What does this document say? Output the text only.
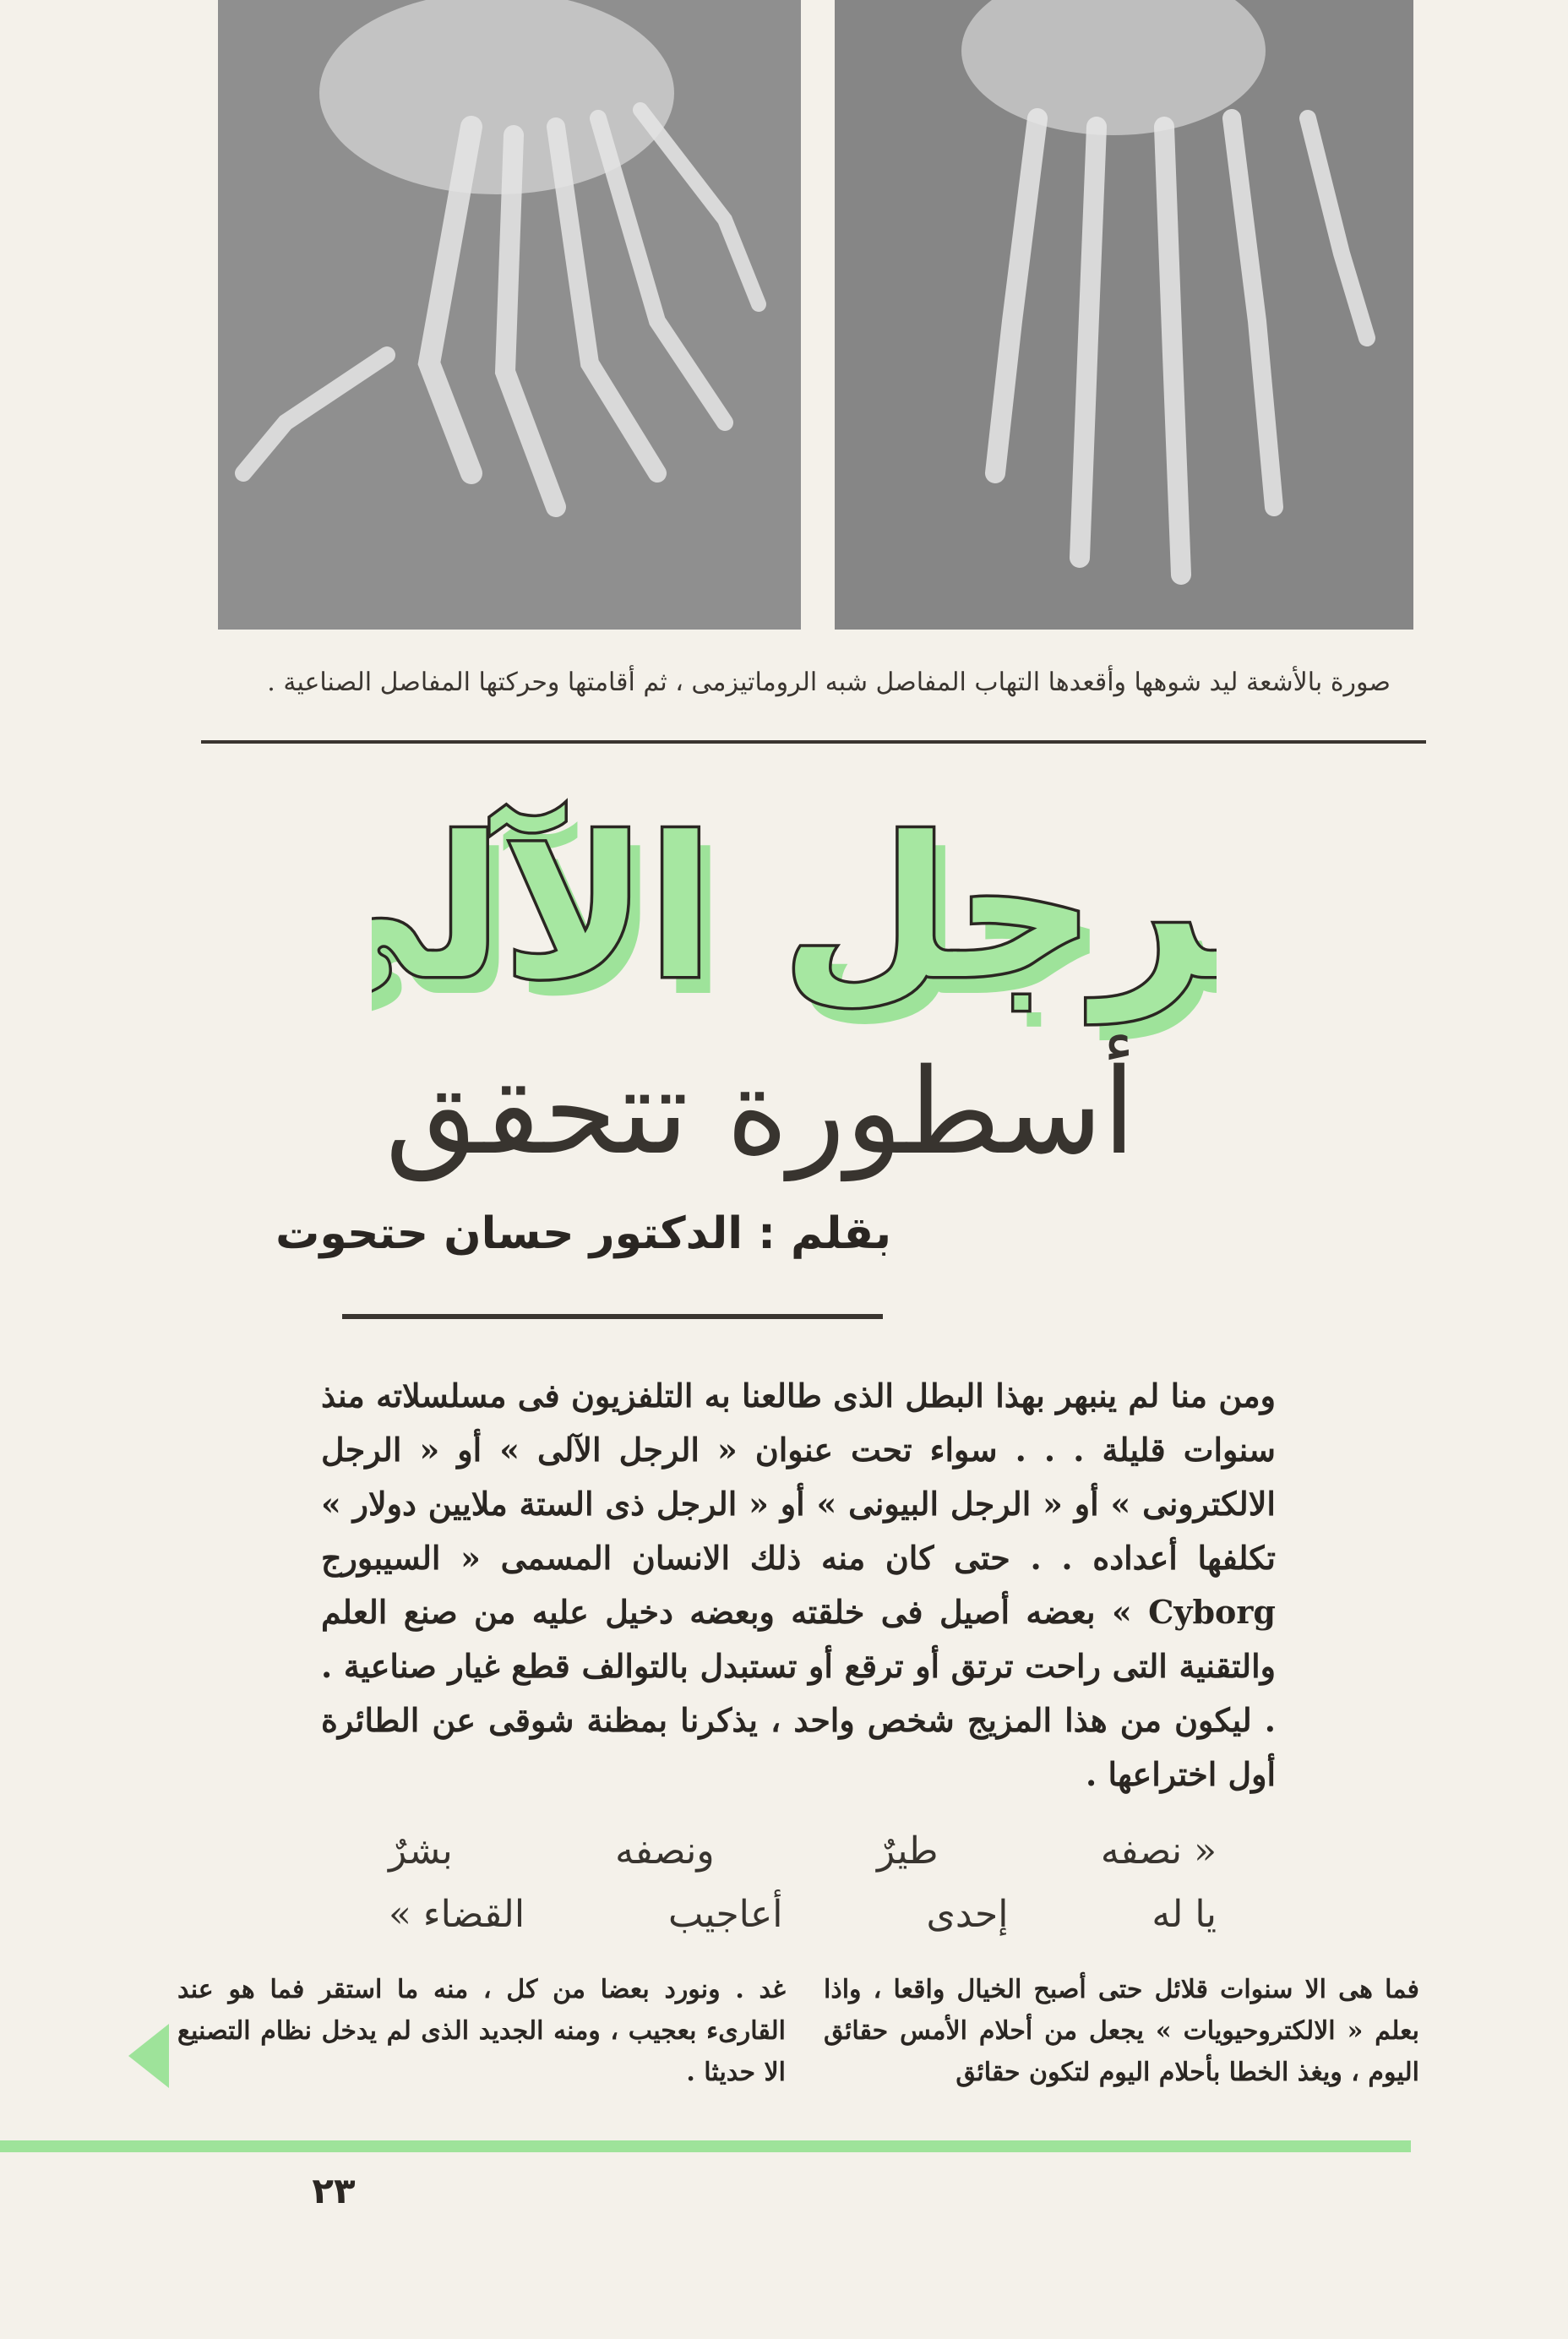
صورة بالأشعة ليد شوهها وأقعدها التهاب المفاصل شبه الروماتيزمى ، ثم أقامتها وحركتها المفاصل الصناعية .
رجل الآل	رجل الآل
أسطورة تتحقق
بقلم : الدكتور حسان حتحوت
ومن منا لم ينبهر بهذا البطل الذى طالعنا به التلفزيون فى مسلسلاته منذ سنوات قليلة . . . سواء تحت عنوان « الرجل الآلى » أو « الرجل الالكترونى » أو « الرجل البيونى » أو « الرجل ذى الستة ملايين دولار » تكلفها أعداده . . حتى كان منه ذلك الانسان المسمى « السيبورج Cyborg » بعضه أصيل فى خلقته وبعضه دخيل عليه من صنع العلم والتقنية التى راحت ترتق أو ترقع أو تستبدل بالتوالف قطع غيار صناعية . . ليكون من هذا المزيج شخص واحد ، يذكرنا بمظنة شوقى عن الطائرة أول اختراعها .
« نصفه
طيرٌ
ونصفه
بشرٌ
يا له
إحدى
أعاجيب
القضاء »
فما هى الا سنوات قلائل حتى أصبح الخيال واقعا ، واذا بعلم « الالكتروحيويات » يجعل من أحلام الأمس حقائق اليوم ، ويغذ الخطا بأحلام اليوم لتكون حقائق
غد . ونورد بعضا من كل ، منه ما استقر فما هو عند القارىء بعجيب ، ومنه الجديد الذى لم يدخل نظام التصنيع الا حديثا .
٢٣
